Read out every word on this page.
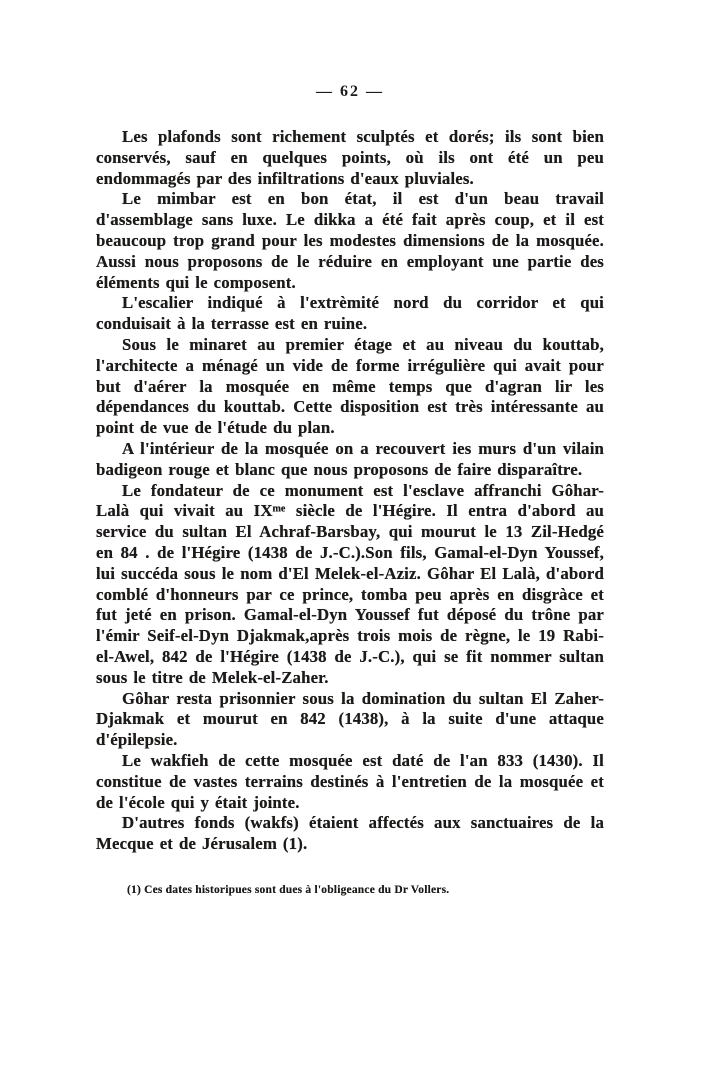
— 62 —

Les plafonds sont richement sculptés et dorés; ils sont bien conservés, sauf en quelques points, où ils ont été un peu endommagés par des infiltrations d'eaux pluviales.

Le mimbar est en bon état, il est d'un beau travail d'assemblage sans luxe. Le dikka a été fait après coup, et il est beaucoup trop grand pour les modestes dimensions de la mosquée. Aussi nous proposons de le réduire en employant une partie des éléments qui le composent.

L'escalier indiqué à l'extrèmité nord du corridor et qui conduisait à la terrasse est en ruine.

Sous le minaret au premier étage et au niveau du kouttab, l'architecte a ménagé un vide de forme irrégulière qui avait pour but d'aérer la mosquée en même temps que d'agran lir les dépendances du kouttab. Cette disposition est très intéressante au point de vue de l'étude du plan.

A l'intérieur de la mosquée on a recouvert ies murs d'un vilain badigeon rouge et blanc que nous proposons de faire disparaître.

Le fondateur de ce monument est l'esclave affranchi Gôhar-Lalà qui vivait au IXᵐᵉ siècle de l'Hégire. Il entra d'abord au service du sultan El Achraf-Barsbay, qui mourut le 13 Zil-Hedgé en 84 . de l'Hégire (1438 de J.-C.).Son fils, Gamal-el-Dyn Youssef, lui succéda sous le nom d'El Melek-el-Aziz. Gôhar El Lalà, d'abord comblé d'honneurs par ce prince, tomba peu après en disgràce et fut jeté en prison. Gamal-el-Dyn Youssef fut déposé du trône par l'émir Seif-el-Dyn Djakmak,après trois mois de règne, le 19 Rabi-el-Awel, 842 de l'Hégire (1438 de J.-C.), qui se fit nommer sultan sous le titre de Melek-el-Zaher.

Gôhar resta prisonnier sous la domination du sultan El Zaher-Djakmak et mourut en 842 (1438), à la suite d'une attaque d'épilepsie.

Le wakfieh de cette mosquée est daté de l'an 833 (1430). Il constitue de vastes terrains destinés à l'entretien de la mosquée et de l'école qui y était jointe.

D'autres fonds (wakfs) étaient affectés aux sanctuaires de la Mecque et de Jérusalem (1).

(1) Ces dates historipues sont dues à l'obligeance du Dr Vollers.
